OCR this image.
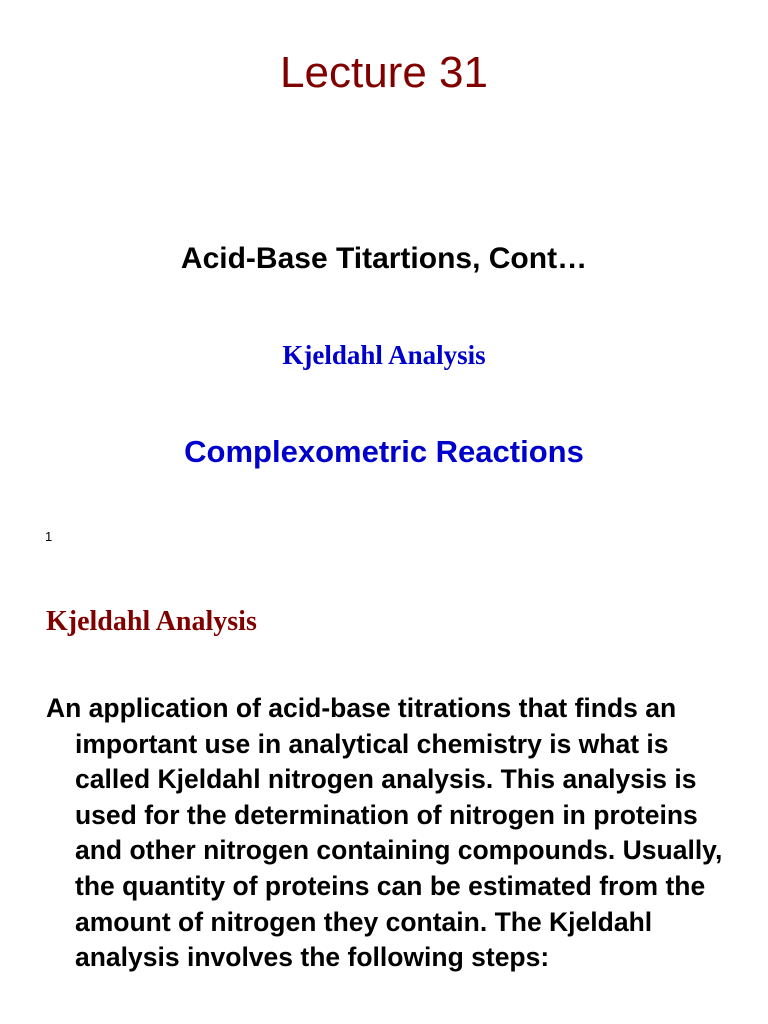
Lecture 31
Acid-Base Titartions, Cont…
Kjeldahl Analysis
Complexometric Reactions
1
Kjeldahl Analysis

An application of acid-base titrations that finds an important use in analytical chemistry is what is called Kjeldahl nitrogen analysis. This analysis is used for the determination of nitrogen in proteins and other nitrogen containing compounds. Usually, the quantity of proteins can be estimated from the amount of nitrogen they contain. The Kjeldahl analysis involves the following steps:
